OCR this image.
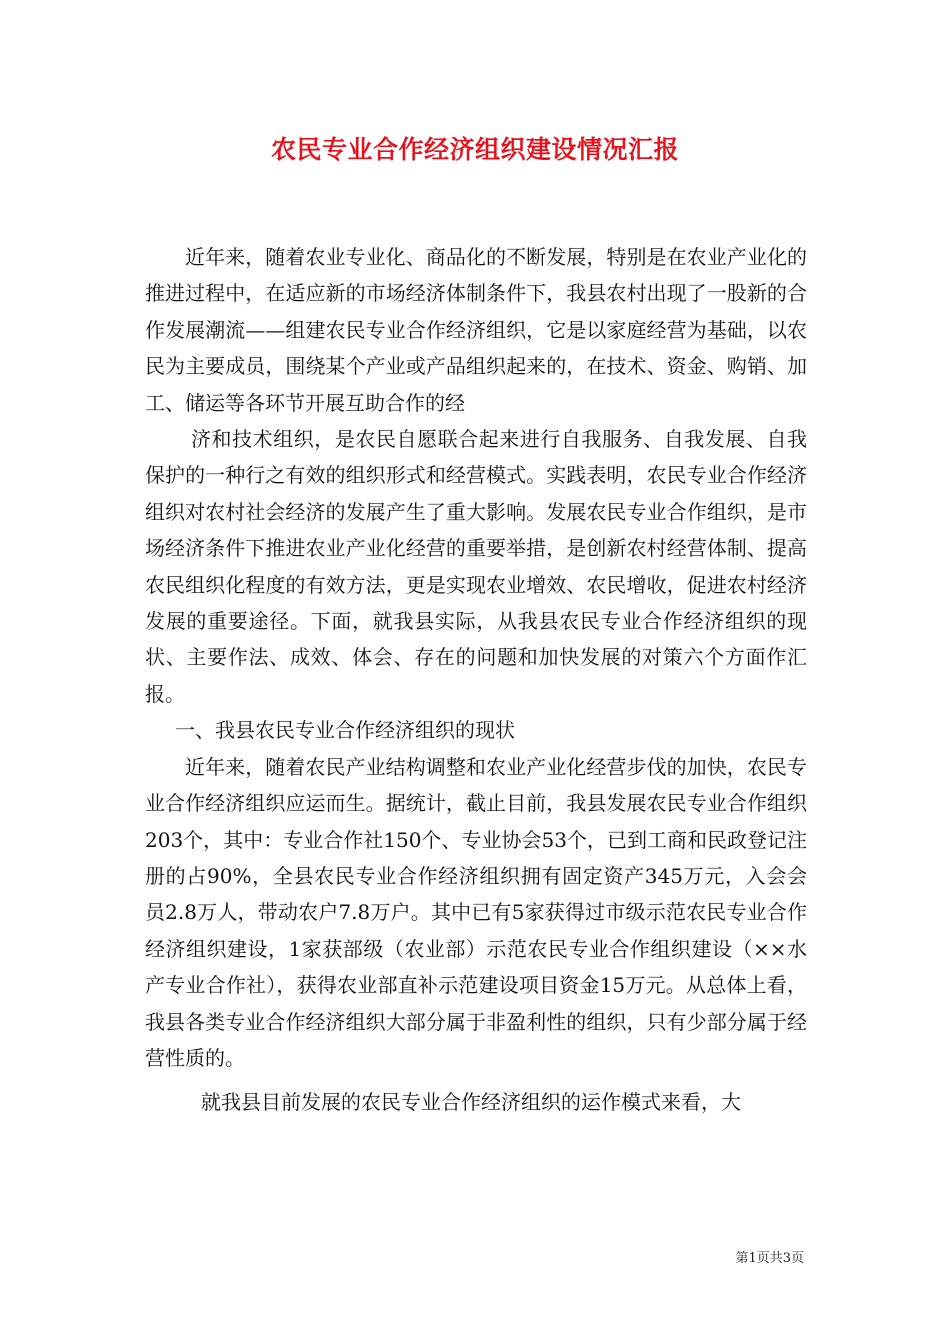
农民专业合作经济组织建设情况汇报

近年来，随着农业专业化、商品化的不断发展，特别是在农业产业化的推进过程中，在适应新的市场经济体制条件下，我县农村出现了一股新的合作发展潮流——组建农民专业合作经济组织，它是以家庭经营为基础，以农民为主要成员，围绕某个产业或产品组织起来的，在技术、资金、购销、加工、储运等各环节开展互助合作的经

济和技术组织，是农民自愿联合起来进行自我服务、自我发展、自我保护的一种行之有效的组织形式和经营模式。实践表明，农民专业合作经济组织对农村社会经济的发展产生了重大影响。发展农民专业合作组织，是市场经济条件下推进农业产业化经营的重要举措，是创新农村经营体制、提高农民组织化程度的有效方法，更是实现农业增效、农民增收，促进农村经济发展的重要途径。下面，就我县实际，从我县农民专业合作经济组织的现状、主要作法、成效、体会、存在的问题和加快发展的对策六个方面作汇报。

一、我县农民专业合作经济组织的现状

近年来，随着农民产业结构调整和农业产业化经营步伐的加快，农民专业合作经济组织应运而生。据统计，截止目前，我县发展农民专业合作组织203个，其中：专业合作社150个、专业协会53个，已到工商和民政登记注册的占90%，全县农民专业合作经济组织拥有固定资产345万元，入会会员2.8万人，带动农户7.8万户。其中已有5家获得过市级示范农民专业合作经济组织建设，1家获部级（农业部）示范农民专业合作组织建设（××水产专业合作社），获得农业部直补示范建设项目资金15万元。从总体上看，我县各类专业合作经济组织大部分属于非盈利性的组织，只有少部分属于经营性质的。

就我县目前发展的农民专业合作经济组织的运作模式来看，大

第1页共3页
